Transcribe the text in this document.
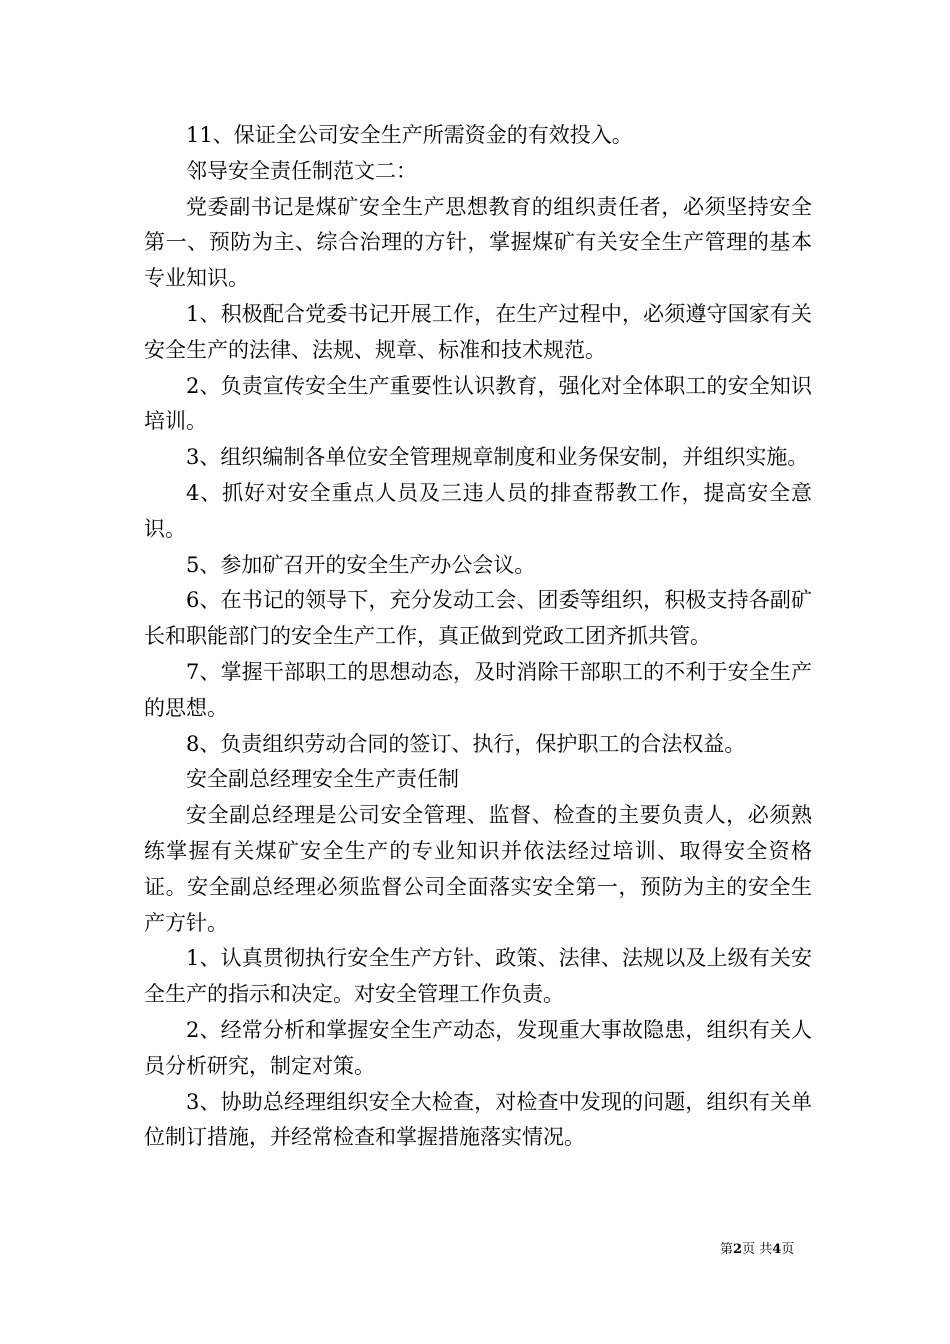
11、保证全公司安全生产所需资金的有效投入。

邻导安全责任制范文二：

党委副书记是煤矿安全生产思想教育的组织责任者，必须坚持安全第一、预防为主、综合治理的方针，掌握煤矿有关安全生产管理的基本专业知识。

1、积极配合党委书记开展工作，在生产过程中，必须遵守国家有关安全生产的法律、法规、规章、标准和技术规范。

2、负责宣传安全生产重要性认识教育，强化对全体职工的安全知识培训。

3、组织编制各单位安全管理规章制度和业务保安制，并组织实施。

4、抓好对安全重点人员及三违人员的排查帮教工作，提高安全意识。

5、参加矿召开的安全生产办公会议。

6、在书记的领导下，充分发动工会、团委等组织，积极支持各副矿长和职能部门的安全生产工作，真正做到党政工团齐抓共管。

7、掌握干部职工的思想动态，及时消除干部职工的不利于安全生产的思想。

8、负责组织劳动合同的签订、执行，保护职工的合法权益。

安全副总经理安全生产责任制

安全副总经理是公司安全管理、监督、检查的主要负责人，必须熟练掌握有关煤矿安全生产的专业知识并依法经过培训、取得安全资格证。安全副总经理必须监督公司全面落实安全第一，预防为主的安全生产方针。

1、认真贯彻执行安全生产方针、政策、法律、法规以及上级有关安全生产的指示和决定。对安全管理工作负责。

2、经常分析和掌握安全生产动态，发现重大事故隐患，组织有关人员分析研究，制定对策。

3、协助总经理组织安全大检查，对检查中发现的问题，组织有关单位制订措施，并经常检查和掌握措施落实情况。

第2页 共4页
